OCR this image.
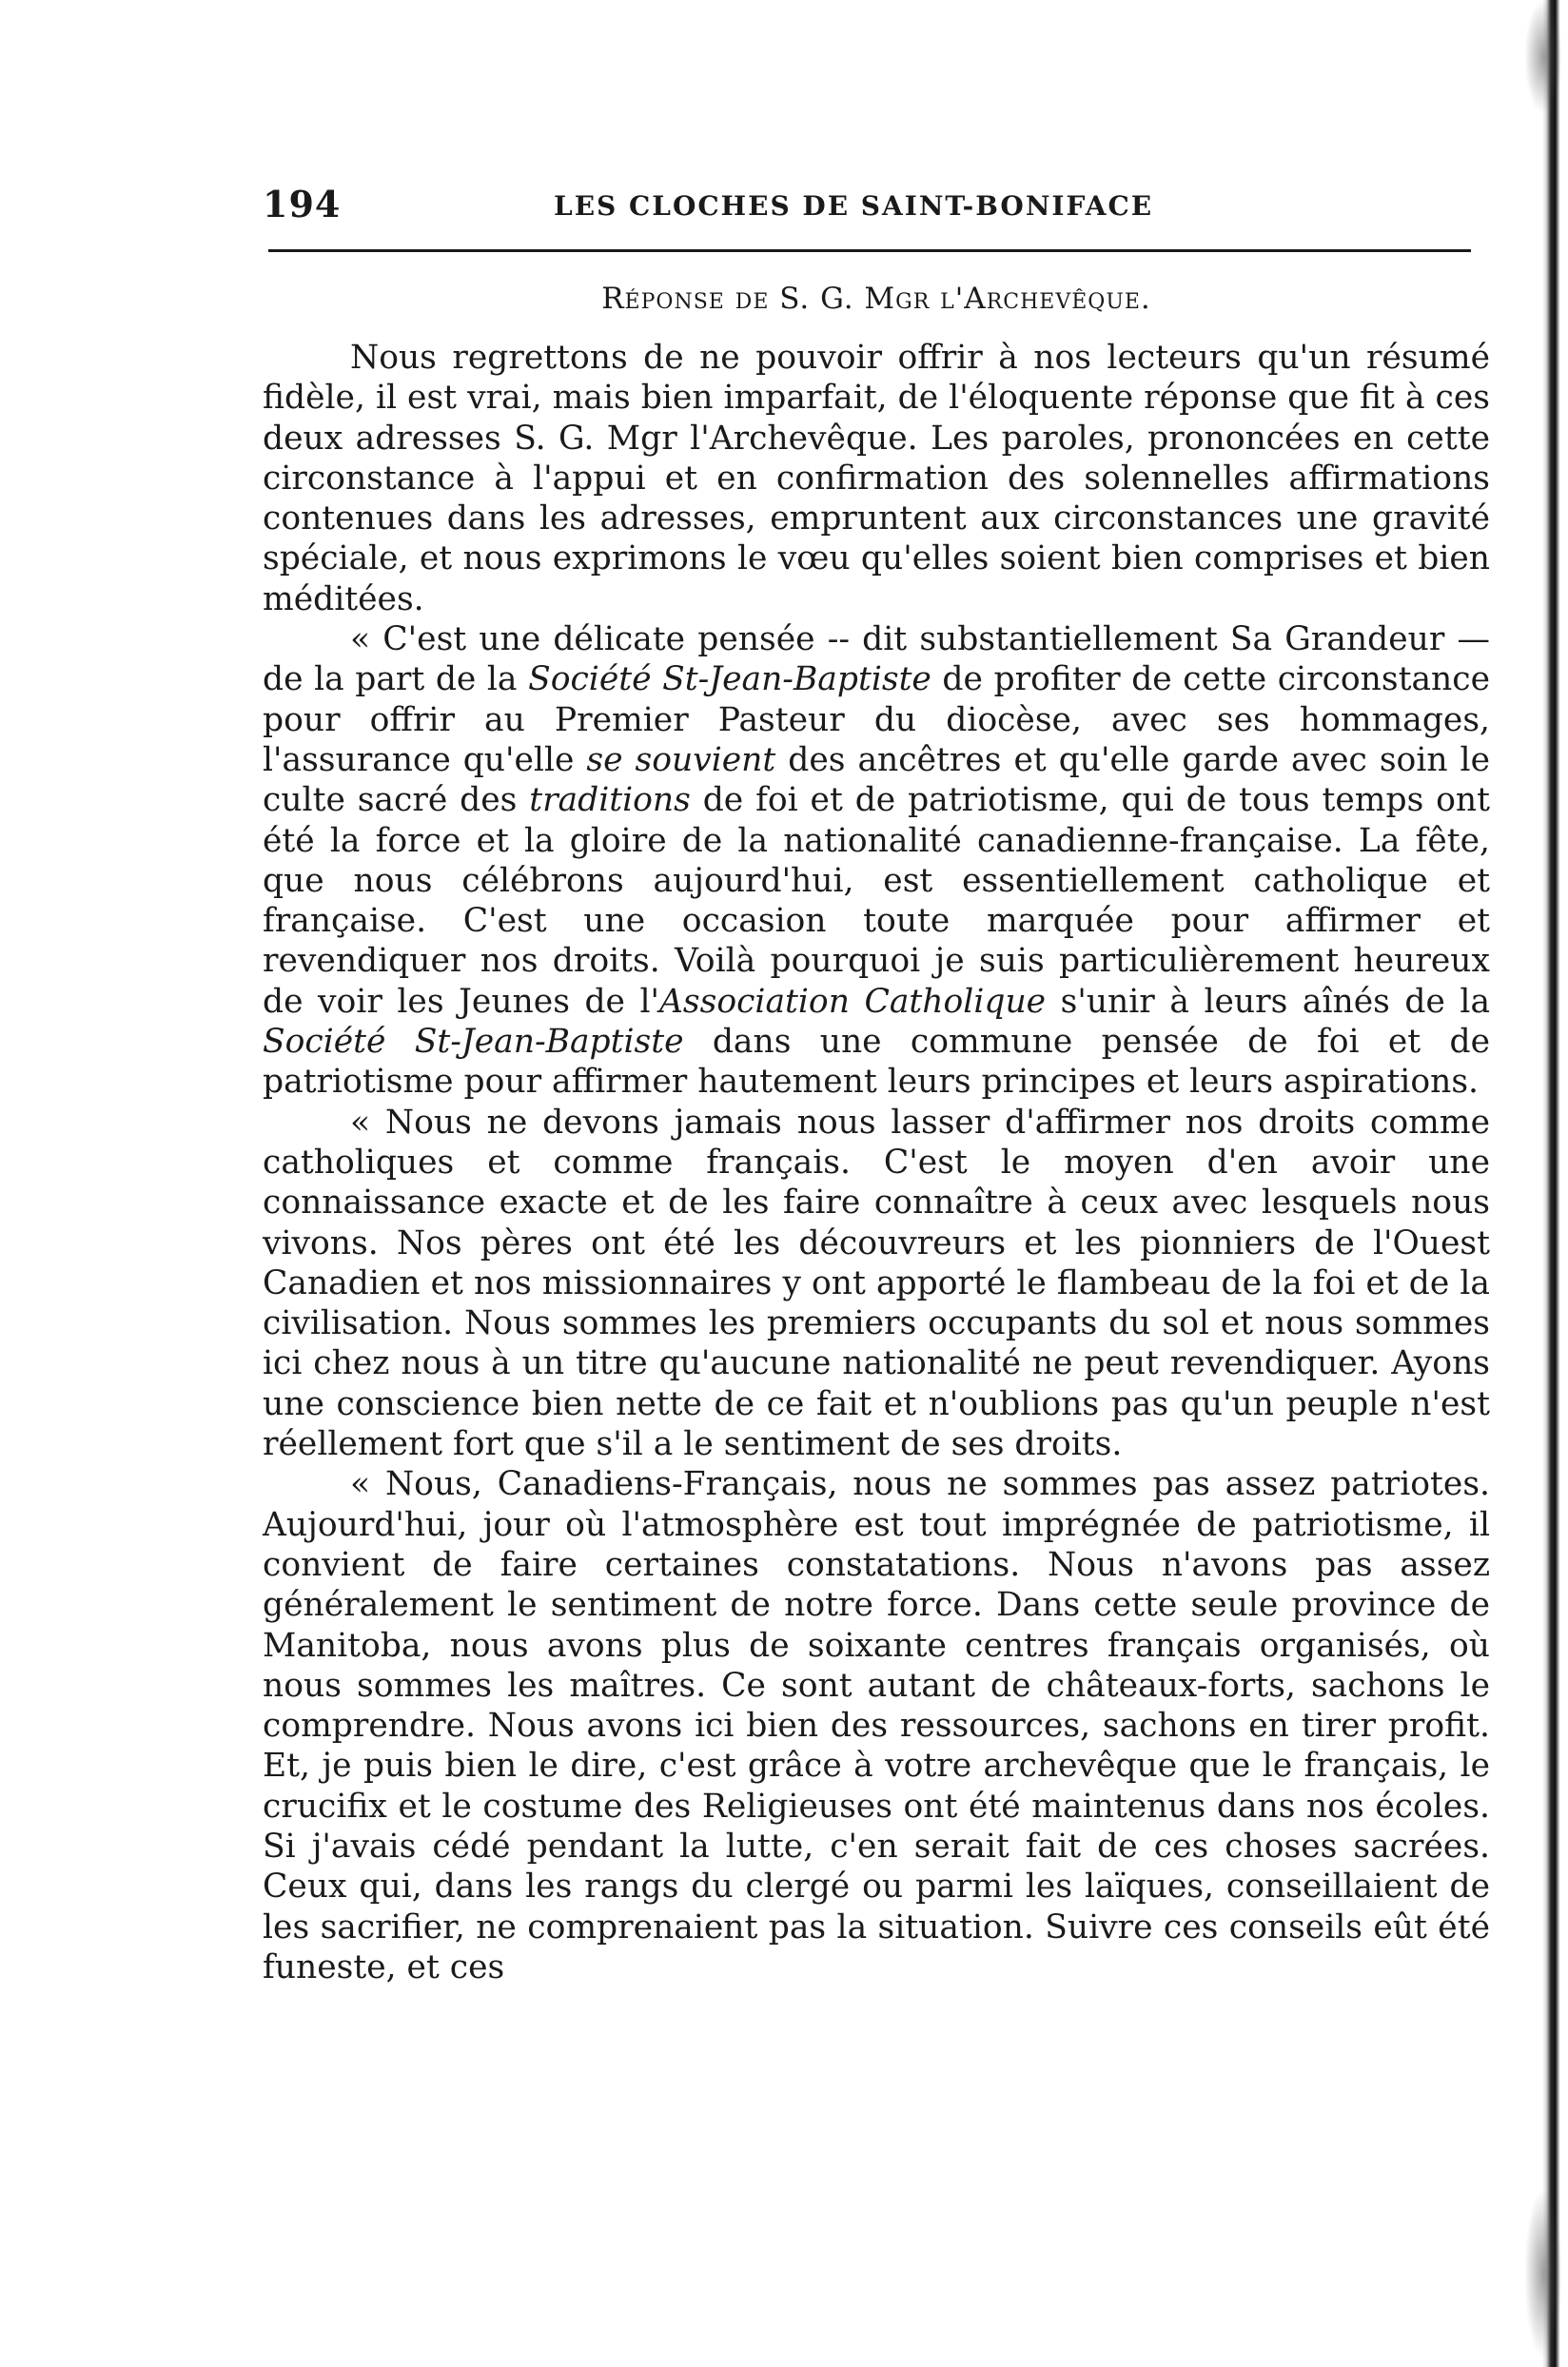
194	LES CLOCHES DE SAINT-BONIFACE
Réponse de S. G. Mgr l'Archevêque.

Nous regrettons de ne pouvoir offrir à nos lecteurs qu'un résumé fidèle, il est vrai, mais bien imparfait, de l'éloquente réponse que fit à ces deux adresses S. G. Mgr l'Archevêque. Les paroles, prononcées en cette circonstance à l'appui et en confirmation des solennelles affirmations contenues dans les adresses, empruntent aux circonstances une gravité spéciale, et nous exprimons le vœu qu'elles soient bien comprises et bien méditées.

« C'est une délicate pensée -- dit substantiellement Sa Grandeur — de la part de la Société St-Jean-Baptiste de profiter de cette circonstance pour offrir au Premier Pasteur du diocèse, avec ses hommages, l'assurance qu'elle se souvient des ancêtres et qu'elle garde avec soin le culte sacré des traditions de foi et de patriotisme, qui de tous temps ont été la force et la gloire de la nationalité canadienne-française. La fête, que nous célébrons aujourd'hui, est essentiellement catholique et française. C'est une occasion toute marquée pour affirmer et revendiquer nos droits. Voilà pourquoi je suis particulièrement heureux de voir les Jeunes de l'Association Catholique s'unir à leurs aînés de la Société St-Jean-Baptiste dans une commune pensée de foi et de patriotisme pour affirmer hautement leurs principes et leurs aspirations.

« Nous ne devons jamais nous lasser d'affirmer nos droits comme catholiques et comme français. C'est le moyen d'en avoir une connaissance exacte et de les faire connaître à ceux avec lesquels nous vivons. Nos pères ont été les découvreurs et les pionniers de l'Ouest Canadien et nos missionnaires y ont apporté le flambeau de la foi et de la civilisation. Nous sommes les premiers occupants du sol et nous sommes ici chez nous à un titre qu'aucune nationalité ne peut revendiquer. Ayons une conscience bien nette de ce fait et n'oublions pas qu'un peuple n'est réellement fort que s'il a le sentiment de ses droits.

« Nous, Canadiens-Français, nous ne sommes pas assez patriotes. Aujourd'hui, jour où l'atmosphère est tout imprégnée de patriotisme, il convient de faire certaines constatations. Nous n'avons pas assez généralement le sentiment de notre force. Dans cette seule province de Manitoba, nous avons plus de soixante centres français organisés, où nous sommes les maîtres. Ce sont autant de châteaux-forts, sachons le comprendre. Nous avons ici bien des ressources, sachons en tirer profit. Et, je puis bien le dire, c'est grâce à votre archevêque que le français, le crucifix et le costume des Religieuses ont été maintenus dans nos écoles. Si j'avais cédé pendant la lutte, c'en serait fait de ces choses sacrées. Ceux qui, dans les rangs du clergé ou parmi les laïques, conseillaient de les sacrifier, ne comprenaient pas la situation. Suivre ces conseils eût été funeste, et ces
